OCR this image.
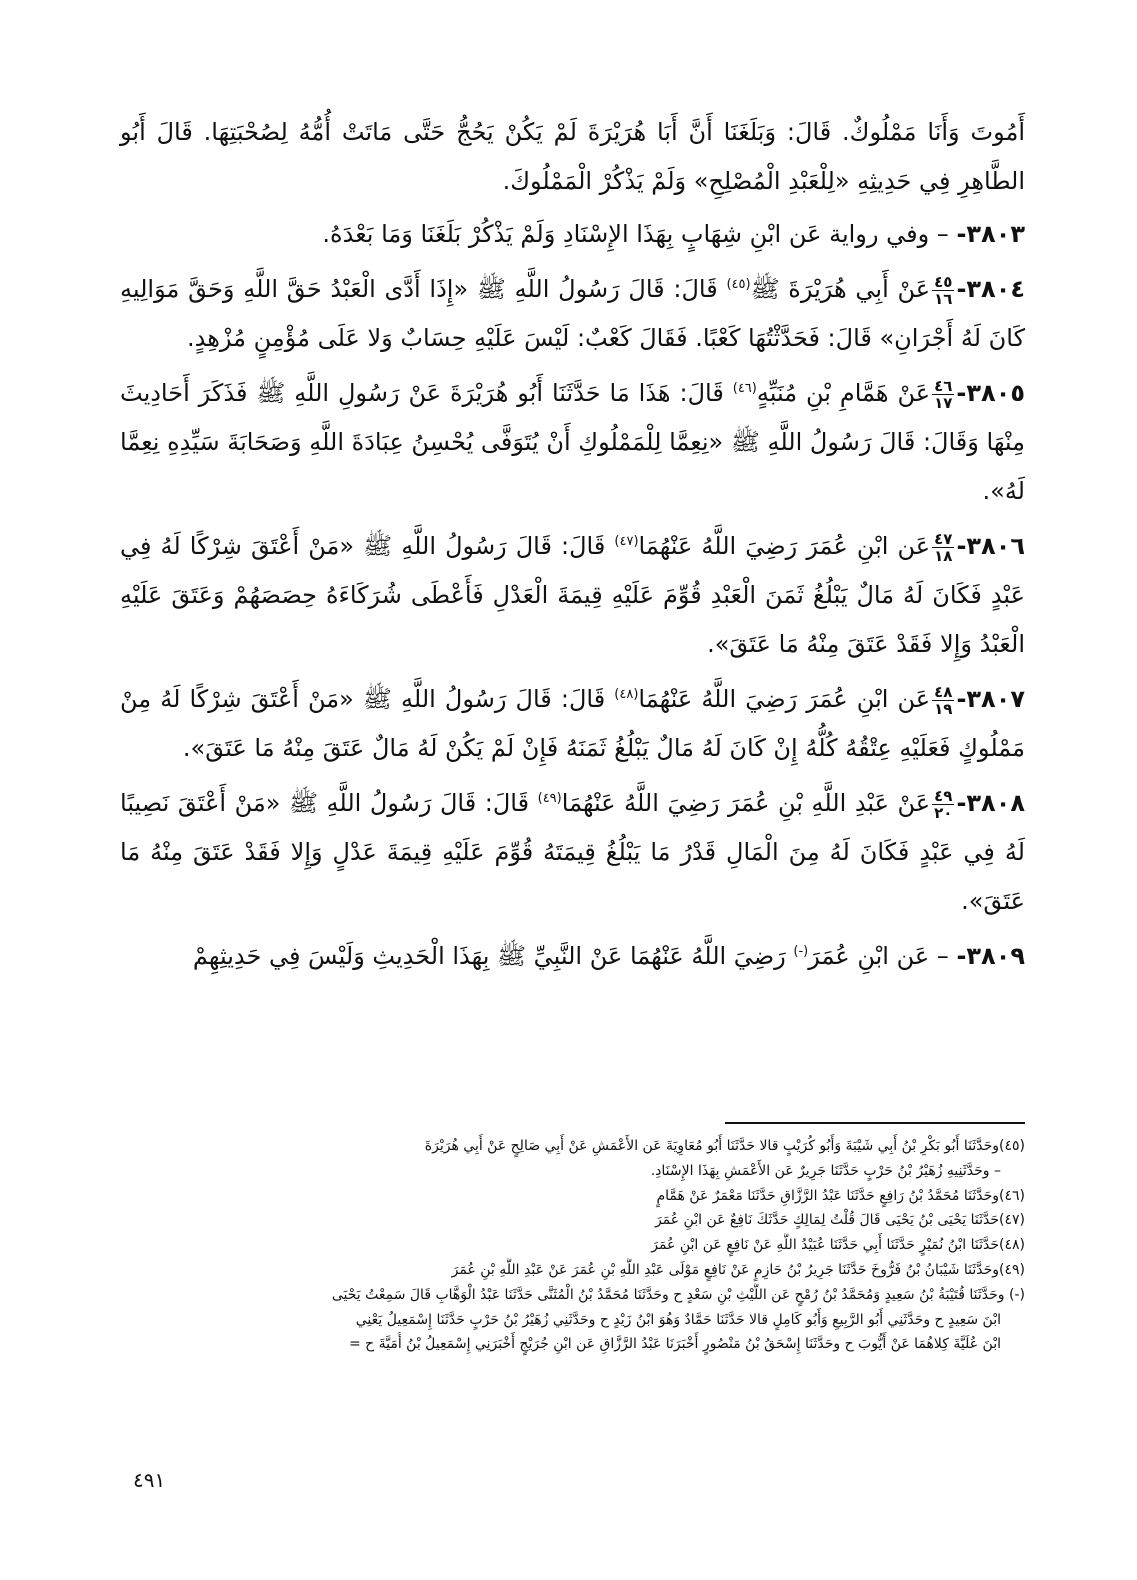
أَمُوتَ وَأَنَا مَمْلُوكٌ. قَالَ: وَبَلَغَنَا أَنَّ أَبَا هُرَيْرَةَ لَمْ يَكُنْ يَحُجُّ حَتَّى مَاتَتْ أُمُّهُ لِصُحْبَتِهَا. قَالَ أَبُو الطَّاهِرِ فِي حَدِيثِهِ «لِلْعَبْدِ الْمُصْلِحِ» وَلَمْ يَذْكُرْ الْمَمْلُوكَ.

٣٨٠٣- – وفي رواية عَن ابْنِ شِهَابٍ بِهَذَا الإِسْنَادِ وَلَمْ يَذْكُرْ بَلَغَنَا وَمَا بَعْدَهُ.

٣٨٠٤-
$\frac{٤٥}{١٦}$
عَنْ أَبِي هُرَيْرَةَ ﷺ$^{(٤٥)}$ قَالَ: قَالَ رَسُولُ اللَّهِ ﷺ «إِذَا أَدَّى الْعَبْدُ حَقَّ اللَّهِ وَحَقَّ مَوَالِيهِ كَانَ لَهُ أَجْرَانِ» قَالَ: فَحَدَّثْتُهَا كَعْبًا. فَقَالَ كَعْبٌ: لَيْسَ عَلَيْهِ حِسَابٌ وَلا عَلَى مُؤْمِنٍ مُزْهِدٍ.

٣٨٠٥-
$\frac{٤٦}{١٧}$
عَنْ هَمَّامِ بْنِ مُنَبِّهٍ$^{(٤٦)}$ قَالَ: هَذَا مَا حَدَّثَنَا أَبُو هُرَيْرَةَ عَنْ رَسُولِ اللَّهِ ﷺ فَذَكَرَ أَحَادِيثَ مِنْهَا وَقَالَ: قَالَ رَسُولُ اللَّهِ ﷺ «نِعِمَّا لِلْمَمْلُوكِ أَنْ يُتَوَفَّى يُحْسِنُ عِبَادَةَ اللَّهِ وَصَحَابَةَ سَيِّدِهِ نِعِمَّا لَهُ».

٣٨٠٦-
$\frac{٤٧}{١٨}$
عَن ابْنِ عُمَرَ رَضِيَ اللَّهُ عَنْهُمَا$^{(٤٧)}$ قَالَ: قَالَ رَسُولُ اللَّهِ ﷺ «مَنْ أَعْتَقَ شِرْكًا لَهُ فِي عَبْدٍ فَكَانَ لَهُ مَالٌ يَبْلُغُ ثَمَنَ الْعَبْدِ قُوِّمَ عَلَيْهِ قِيمَةَ الْعَدْلِ فَأَعْطَى شُرَكَاءَهُ حِصَصَهُمْ وَعَتَقَ عَلَيْهِ الْعَبْدُ وَإِلا فَقَدْ عَتَقَ مِنْهُ مَا عَتَقَ».

٣٨٠٧-
$\frac{٤٨}{١٩}$
عَن ابْنِ عُمَرَ رَضِيَ اللَّهُ عَنْهُمَا$^{(٤٨)}$ قَالَ: قَالَ رَسُولُ اللَّهِ ﷺ «مَنْ أَعْتَقَ شِرْكًا لَهُ مِنْ مَمْلُوكٍ فَعَلَيْهِ عِتْقُهُ كُلُّهُ إِنْ كَانَ لَهُ مَالٌ يَبْلُغُ ثَمَنَهُ فَإِنْ لَمْ يَكُنْ لَهُ مَالٌ عَتَقَ مِنْهُ مَا عَتَقَ».

٣٨٠٨-
$\frac{٤٩}{٢٠}$
عَنْ عَبْدِ اللَّهِ بْنِ عُمَرَ رَضِيَ اللَّهُ عَنْهُمَا$^{(٤٩)}$ قَالَ: قَالَ رَسُولُ اللَّهِ ﷺ «مَنْ أَعْتَقَ نَصِيبًا لَهُ فِي عَبْدٍ فَكَانَ لَهُ مِنَ الْمَالِ قَدْرُ مَا يَبْلُغُ قِيمَتَهُ قُوِّمَ عَلَيْهِ قِيمَةَ عَدْلٍ وَإِلا فَقَدْ عَتَقَ مِنْهُ مَا عَتَقَ».

٣٨٠٩- – عَن ابْنِ عُمَرَ(-) رَضِيَ اللَّهُ عَنْهُمَا عَنْ النَّبِيِّ ﷺ بِهَذَا الْحَدِيثِ وَلَيْسَ فِي حَدِيثِهِمْ

(٤٥)وحَدَّثَنَا أَبُو بَكْرِ بْنُ أَبِي شَيْبَةَ وَأَبُو كُرَيْبٍ قالا حَدَّثَنَا أَبُو مُعَاوِيَةَ عَن الأَعْمَشِ عَنْ أَبِي صَالِحٍ عَنْ أَبِي هُرَيْرَةَ

– وحَدَّثَنِيهِ زُهَيْرُ بْنُ حَرْبٍ حَدَّثَنَا جَرِيرٌ عَن الأَعْمَشِ بِهَذَا الإِسْنَادِ.

(٤٦)وحَدَّثَنَا مُحَمَّدُ بْنُ رَافِعٍ حَدَّثَنَا عَبْدُ الرَّزَّاقِ حَدَّثَنَا مَعْمَرٌ عَنْ هَمَّامٍ

(٤٧)حَدَّثَنَا يَحْيَى بْنُ يَحْيَى قَالَ قُلْتُ لِمَالِكٍ حَدَّثَكَ نَافِعٌ عَن ابْنِ عُمَرَ

(٤٨)حَدَّثَنَا ابْنُ نُمَيْرٍ حَدَّثَنَا أَبِي حَدَّثَنَا عُبَيْدُ اللَّهِ عَنْ نَافِعٍ عَن ابْنِ عُمَرَ

(٤٩)وحَدَّثَنَا شَيْبَانُ بْنُ فَرُّوخَ حَدَّثَنَا جَرِيرُ بْنُ حَازِمٍ عَنْ نَافِعٍ مَوْلَى عَبْدِ اللَّهِ بْنِ عُمَرَ عَنْ عَبْدِ اللَّهِ بْنِ عُمَرَ

(-) وحَدَّثَنَا قُتَيْبَةُ بْنُ سَعِيدٍ وَمُحَمَّدُ بْنُ رُمْحٍ عَن اللَّيْثِ بْنِ سَعْدٍ ح وحَدَّثَنَا مُحَمَّدُ بْنُ الْمُثَنَّى حَدَّثَنَا عَبْدُ الْوَهَّابِ قَالَ سَمِعْتُ يَحْيَى

ابْنَ سَعِيدٍ ح وحَدَّثَنِي أَبُو الرَّبِيعِ وَأَبُو كَامِلٍ قالا حَدَّثَنَا حَمَّادٌ وَهُوَ ابْنُ زَيْدٍ ح وحَدَّثَنِي زُهَيْرُ بْنُ حَرْبٍ حَدَّثَنَا إِسْمَعِيلُ يَعْنِي

ابْنَ عُلَيَّةَ كِلاهُمَا عَنْ أَيُّوبَ ح وحَدَّثَنَا إِسْحَقُ بْنُ مَنْصُورٍ أَخْبَرَنَا عَبْدُ الرَّزَّاقِ عَن ابْنِ جُرَيْجٍ أَخْبَرَنِي إِسْمَعِيلُ بْنُ أُمَيَّةَ ح =

٤٩١
